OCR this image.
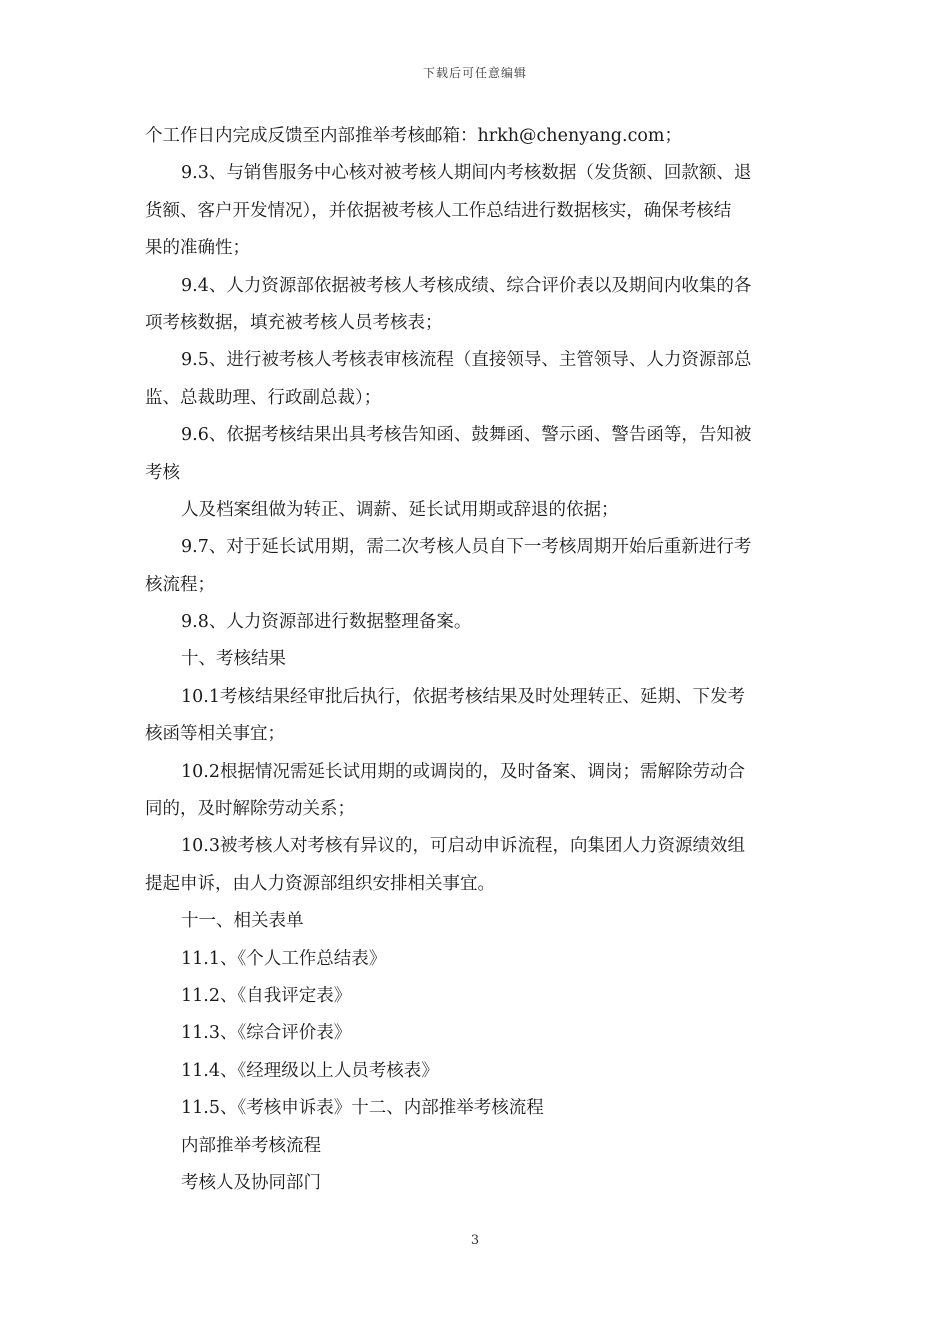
下载后可任意编辑
个工作日内完成反馈至内部推举考核邮箱：hrkh@chenyang.com；
9.3、与销售服务中心核对被考核人期间内考核数据（发货额、回款额、退
货额、客户开发情况），并依据被考核人工作总结进行数据核实，确保考核结
果的准确性；
9.4、人力资源部依据被考核人考核成绩、综合评价表以及期间内收集的各
项考核数据，填充被考核人员考核表；
9.5、进行被考核人考核表审核流程（直接领导、主管领导、人力资源部总
监、总裁助理、行政副总裁）；
9.6、依据考核结果出具考核告知函、鼓舞函、警示函、警告函等，告知被
考核
人及档案组做为转正、调薪、延长试用期或辞退的依据；
9.7、对于延长试用期，需二次考核人员自下一考核周期开始后重新进行考
核流程；
9.8、人力资源部进行数据整理备案。
十、考核结果
10.1考核结果经审批后执行，依据考核结果及时处理转正、延期、下发考
核函等相关事宜；
10.2根据情况需延长试用期的或调岗的，及时备案、调岗；需解除劳动合
同的，及时解除劳动关系；
10.3被考核人对考核有异议的，可启动申诉流程，向集团人力资源绩效组
提起申诉，由人力资源部组织安排相关事宜。
十一、相关表单
11.1、《个人工作总结表》
11.2、《自我评定表》
11.3、《综合评价表》
11.4、《经理级以上人员考核表》
11.5、《考核申诉表》十二、内部推举考核流程
内部推举考核流程
考核人及协同部门
3
